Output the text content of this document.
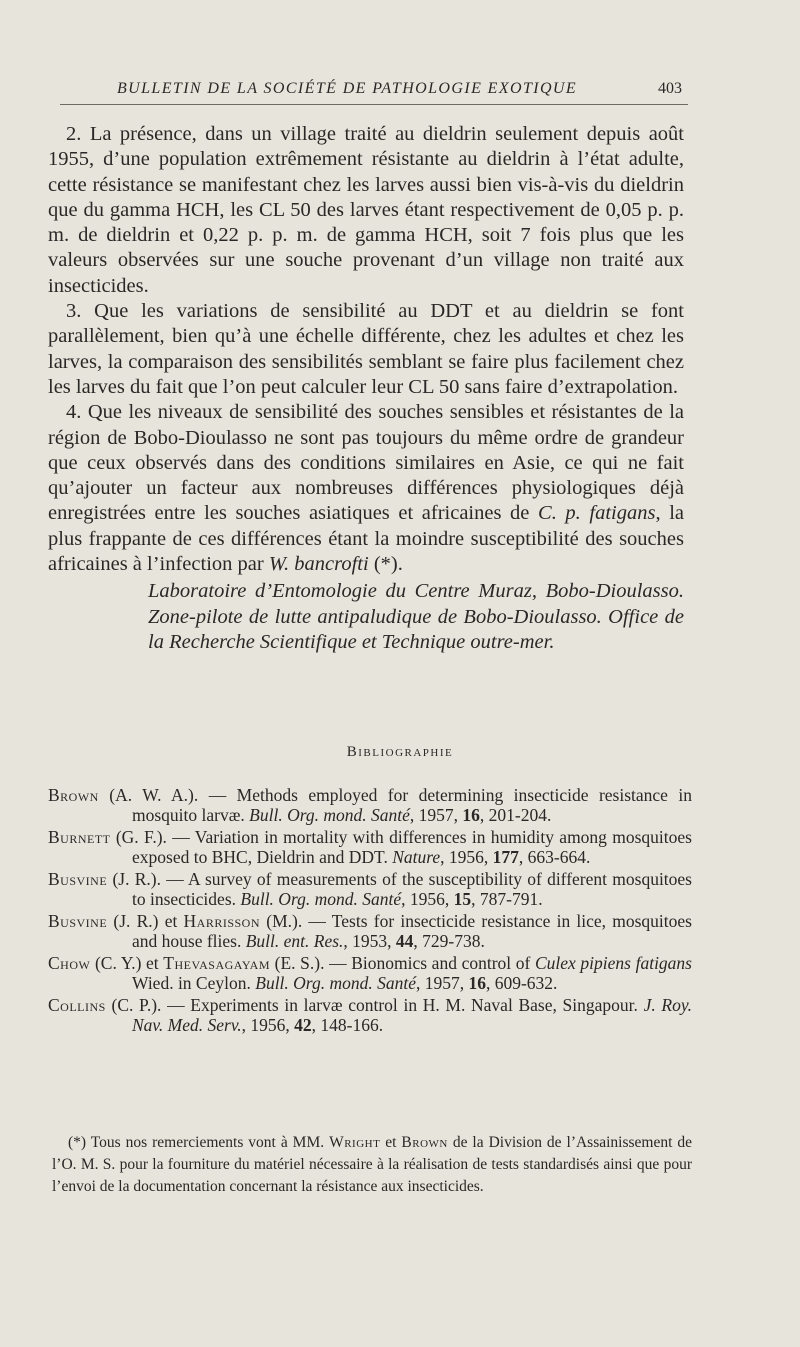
BULLETIN DE LA SOCIÉTÉ DE PATHOLOGIE EXOTIQUE	403

2. La présence, dans un village traité au dieldrin seulement depuis août 1955, d’une population extrêmement résistante au dieldrin à l’état adulte, cette résistance se manifestant chez les larves aussi bien vis-à-vis du dieldrin que du gamma HCH, les CL 50 des larves étant respectivement de 0,05 p. p. m. de dieldrin et 0,22 p. p. m. de gamma HCH, soit 7 fois plus que les valeurs observées sur une souche provenant d’un village non traité aux insecticides.

3. Que les variations de sensibilité au DDT et au dieldrin se font parallèlement, bien qu’à une échelle différente, chez les adultes et chez les larves, la comparaison des sensibilités semblant se faire plus facilement chez les larves du fait que l’on peut calculer leur CL 50 sans faire d’extrapolation.

4. Que les niveaux de sensibilité des souches sensibles et résistantes de la région de Bobo-Dioulasso ne sont pas toujours du même ordre de grandeur que ceux observés dans des conditions similaires en Asie, ce qui ne fait qu’ajouter un facteur aux nombreuses différences physiologiques déjà enregistrées entre les souches asiatiques et africaines de C. p. fatigans, la plus frappante de ces différences étant la moindre susceptibilité des souches africaines à l’infection par W. bancrofti (*).

Laboratoire d’Entomologie du Centre Muraz, Bobo-Dioulasso. Zone-pilote de lutte antipaludique de Bobo-Dioulasso. Office de la Recherche Scientifique et Technique outre-mer.

Bibliographie

Brown (A. W. A.). — Methods employed for determining insecticide resistance in mosquito larvæ. Bull. Org. mond. Santé, 1957, 16, 201-204.

Burnett (G. F.). — Variation in mortality with differences in humidity among mosquitoes exposed to BHC, Dieldrin and DDT. Nature, 1956, 177, 663-664.

Busvine (J. R.). — A survey of measurements of the susceptibility of different mosquitoes to insecticides. Bull. Org. mond. Santé, 1956, 15, 787-791.

Busvine (J. R.) et Harrisson (M.). — Tests for insecticide resistance in lice, mosquitoes and house flies. Bull. ent. Res., 1953, 44, 729-738.

Chow (C. Y.) et Thevasagayam (E. S.). — Bionomics and control of Culex pipiens fatigans Wied. in Ceylon. Bull. Org. mond. Santé, 1957, 16, 609-632.

Collins (C. P.). — Experiments in larvæ control in H. M. Naval Base, Singapour. J. Roy. Nav. Med. Serv., 1956, 42, 148-166.

(*) Tous nos remerciements vont à MM. Wright et Brown de la Division de l’Assainissement de l’O. M. S. pour la fourniture du matériel nécessaire à la réalisation de tests standardisés ainsi que pour l’envoi de la documentation concernant la résistance aux insecticides.
